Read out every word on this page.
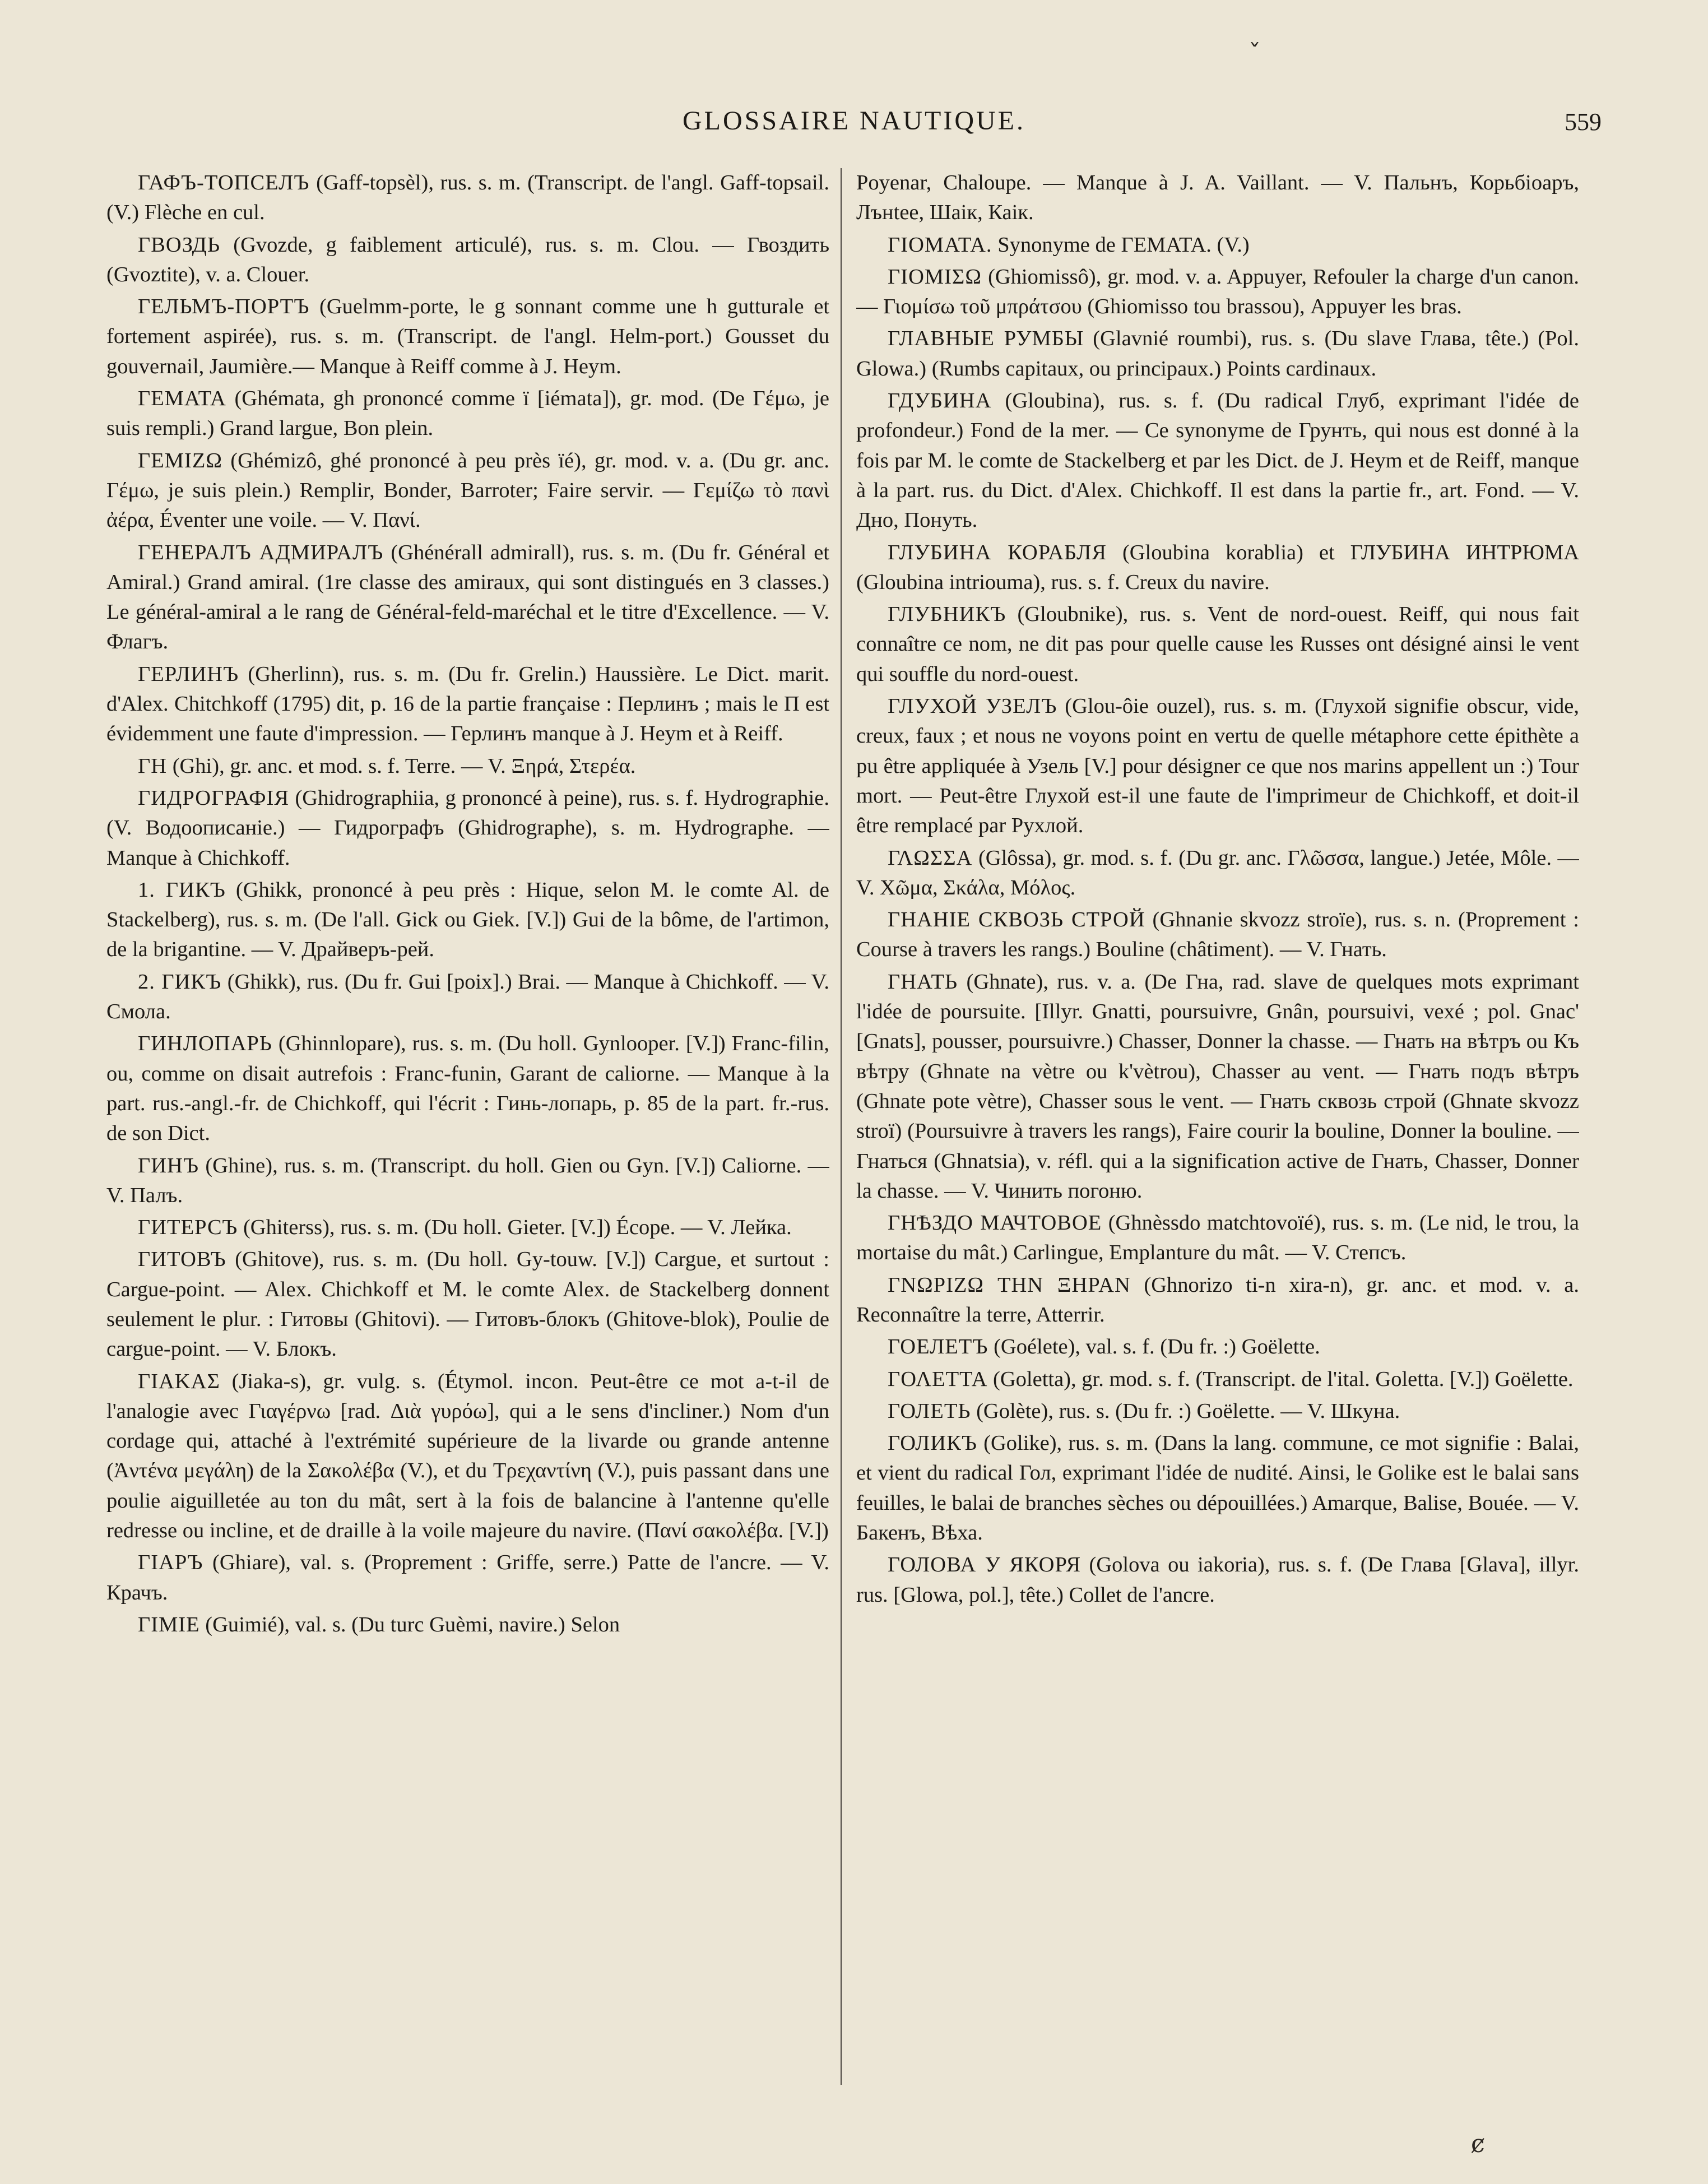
ˇ
GLOSSAIRE NAUTIQUE.	559

ГАФЪ-ТОПСЕЛЪ (Gaff-topsèl), rus. s. m. (Transcript. de l'angl. Gaff-topsail. (V.) Flèche en cul.

ГВОЗДЬ (Gvozde, g faiblement articulé), rus. s. m. Clou. — Гвоздить (Gvoztite), v. a. Clouer.

ГЕЛЬМЪ-ПОРТЪ (Guelmm-porte, le g sonnant comme une h gutturale et fortement aspirée), rus. s. m. (Transcript. de l'angl. Helm-port.) Gousset du gouvernail, Jaumière.— Manque à Reiff comme à J. Heym.

ΓΕΜΑΤΑ (Ghémata, gh prononcé comme ï [iémata]), gr. mod. (De Γέμω, je suis rempli.) Grand largue, Bon plein.

ΓΕΜΙΖΩ (Ghémizô, ghé prononcé à peu près ïé), gr. mod. v. a. (Du gr. anc. Γέμω, je suis plein.) Remplir, Bonder, Barroter; Faire servir. — Γεμίζω τὸ πανὶ ἀέρα, Éventer une voile. — V. Πανί.

ГЕНЕРАЛЪ АДМИРАЛЪ (Ghénérall admirall), rus. s. m. (Du fr. Général et Amiral.) Grand amiral. (1re classe des amiraux, qui sont distingués en 3 classes.) Le général-amiral a le rang de Général-feld-maréchal et le titre d'Excellence. — V. Флагъ.

ГЕРЛИНЪ (Gherlinn), rus. s. m. (Du fr. Grelin.) Haussière. Le Dict. marit. d'Alex. Chitchkoff (1795) dit, p. 16 de la partie française : Перлинъ ; mais le П est évidemment une faute d'impression. — Герлинъ manque à J. Heym et à Reiff.

ΓΗ (Ghi), gr. anc. et mod. s. f. Terre. — V. Ξηρά, Στερέα.

ГИДРОГРАФІЯ (Ghidrographiia, g prononcé à peine), rus. s. f. Hydrographie. (V. Водоописаніе.) — Гидрографъ (Ghidrographe), s. m. Hydrographe. — Manque à Chichkoff.

1. ГИКЪ (Ghikk, prononcé à peu près : Hique, selon M. le comte Al. de Stackelberg), rus. s. m. (De l'all. Gick ou Giek. [V.]) Gui de la bôme, de l'artimon, de la brigantine. — V. Драйверъ-рей.

2. ГИКЪ (Ghikk), rus. (Du fr. Gui [poix].) Brai. — Manque à Chichkoff. — V. Смола.

ГИНЛОПАРЬ (Ghinnlopare), rus. s. m. (Du holl. Gynlooper. [V.]) Franc-filin, ou, comme on disait autrefois : Franc-funin, Garant de caliorne. — Manque à la part. rus.-angl.-fr. de Chichkoff, qui l'écrit : Гинь-лопарь, p. 85 de la part. fr.-rus. de son Dict.

ГИНЪ (Ghine), rus. s. m. (Transcript. du holl. Gien ou Gyn. [V.]) Caliorne. — V. Палъ.

ГИТЕРСЪ (Ghiterss), rus. s. m. (Du holl. Gieter. [V.]) Écope. — V. Лейка.

ГИТОВЪ (Ghitove), rus. s. m. (Du holl. Gy-touw. [V.]) Cargue, et surtout : Cargue-point. — Alex. Chichkoff et M. le comte Alex. de Stackelberg donnent seulement le plur. : Гитовы (Ghitovi). — Гитовъ-блокъ (Ghitove-blok), Poulie de cargue-point. — V. Блокъ.

ΓΙΑΚΑΣ (Jiaka-s), gr. vulg. s. (Étymol. incon. Peut-être ce mot a-t-il de l'analogie avec Γιαγέρνω [rad. Διὰ γυρόω], qui a le sens d'incliner.) Nom d'un cordage qui, attaché à l'extrémité supérieure de la livarde ou grande antenne (Ἀντένα μεγάλη) de la Σακολέβα (V.), et du Τρεχαντίνη (V.), puis passant dans une poulie aiguilletée au ton du mât, sert à la fois de balancine à l'antenne qu'elle redresse ou incline, et de draille à la voile majeure du navire. (Πανί σακολέβα. [V.])

ГІАРЪ (Ghiare), val. s. (Proprement : Griffe, serre.) Patte de l'ancre. — V. Крачъ.

ГІМІЕ (Guimié), val. s. (Du turc Guèmi, navire.) Selon

Poyenar, Chaloupe. — Manque à J. A. Vaillant. — V. Пальнъ, Корьбіоаръ, Лънtee, Шаік, Каік.

ΓΙΟΜΑΤΑ. Synonyme de ΓΕΜΑΤΑ. (V.)

ΓΙΟΜΙΣΩ (Ghiomissô), gr. mod. v. a. Appuyer, Refouler la charge d'un canon. — Γιομίσω τοῦ μπράτσου (Ghiomisso tou brassou), Appuyer les bras.

ГЛАВНЫЕ РУМБЫ (Glavnié roumbi), rus. s. (Du slave Глава, tête.) (Pol. Glowa.) (Rumbs capitaux, ou principaux.) Points cardinaux.

ГДУБИНА (Gloubina), rus. s. f. (Du radical Глуб, exprimant l'idée de profondeur.) Fond de la mer. — Ce synonyme de Грунть, qui nous est donné à la fois par M. le comte de Stackelberg et par les Dict. de J. Heym et de Reiff, manque à la part. rus. du Dict. d'Alex. Chichkoff. Il est dans la partie fr., art. Fond. — V. Дно, Понуть.

ГЛУБИНА КОРАБЛЯ (Gloubina korablia) et ГЛУБИНА ИНТРЮМА (Gloubina intriouma), rus. s. f. Creux du navire.

ГЛУБНИКЪ (Gloubnike), rus. s. Vent de nord-ouest. Reiff, qui nous fait connaître ce nom, ne dit pas pour quelle cause les Russes ont désigné ainsi le vent qui souffle du nord-ouest.

ГЛУХОЙ УЗЕЛЪ (Glou-ôie ouzel), rus. s. m. (Глухой signifie obscur, vide, creux, faux ; et nous ne voyons point en vertu de quelle métaphore cette épithète a pu être appliquée à Узель [V.] pour désigner ce que nos marins appellent un :) Tour mort. — Peut-être Глухой est-il une faute de l'imprimeur de Chichkoff, et doit-il être remplacé par Рухлой.

ΓΛΩΣΣΑ (Glôssa), gr. mod. s. f. (Du gr. anc. Γλῶσσα, langue.) Jetée, Môle. — V. Χῶμα, Σκάλα, Μόλος.

ГНАНІЕ СКВОЗЬ СТРОЙ (Ghnanie skvozz stroïe), rus. s. n. (Proprement : Course à travers les rangs.) Bouline (châtiment). — V. Гнать.

ГНАТЬ (Ghnate), rus. v. a. (De Гна, rad. slave de quelques mots exprimant l'idée de poursuite. [Illyr. Gnatti, poursuivre, Gnân, poursuivi, vexé ; pol. Gnac' [Gnats], pousser, poursuivre.) Chasser, Donner la chasse. — Гнать на вѣтръ ou Къ вѣтру (Ghnate na vètre ou k'vètrou), Chasser au vent. — Гнать подъ вѣтръ (Ghnate pote vètre), Chasser sous le vent. — Гнать сквозь строй (Ghnate skvozz stroï) (Poursuivre à travers les rangs), Faire courir la bouline, Donner la bouline. — Гнаться (Ghnatsia), v. réfl. qui a la signification active de Гнать, Chasser, Donner la chasse. — V. Чинить погоню.

ГНѢЗДО МАЧТОВОЕ (Ghnèssdo matchtovoïé), rus. s. m. (Le nid, le trou, la mortaise du mât.) Carlingue, Emplanture du mât. — V. Степсъ.

ΓΝΩΡΙΖΩ ΤΗΝ ΞΗΡΑΝ (Ghnorizo ti-n xira-n), gr. anc. et mod. v. a. Reconnaître la terre, Atterrir.

ГОЕЛЕТЪ (Goélete), val. s. f. (Du fr. :) Goëlette.

ΓΟΛΕΤΤΑ (Goletta), gr. mod. s. f. (Transcript. de l'ital. Goletta. [V.]) Goëlette.

ГОЛЕТЬ (Golète), rus. s. (Du fr. :) Goëlette. — V. Шкуна.

ГОЛИКЪ (Golike), rus. s. m. (Dans la lang. commune, ce mot signifie : Balai, et vient du radical Гол, exprimant l'idée de nudité. Ainsi, le Golike est le balai sans feuilles, le balai de branches sèches ou dépouillées.) Amarque, Balise, Bouée. — V. Бакенъ, Вѣха.

ГОЛОВА У ЯКОРЯ (Golova ou iakoria), rus. s. f. (De Глава [Glava], illyr. rus. [Glowa, pol.], tête.) Collet de l'ancre.

ȼ
